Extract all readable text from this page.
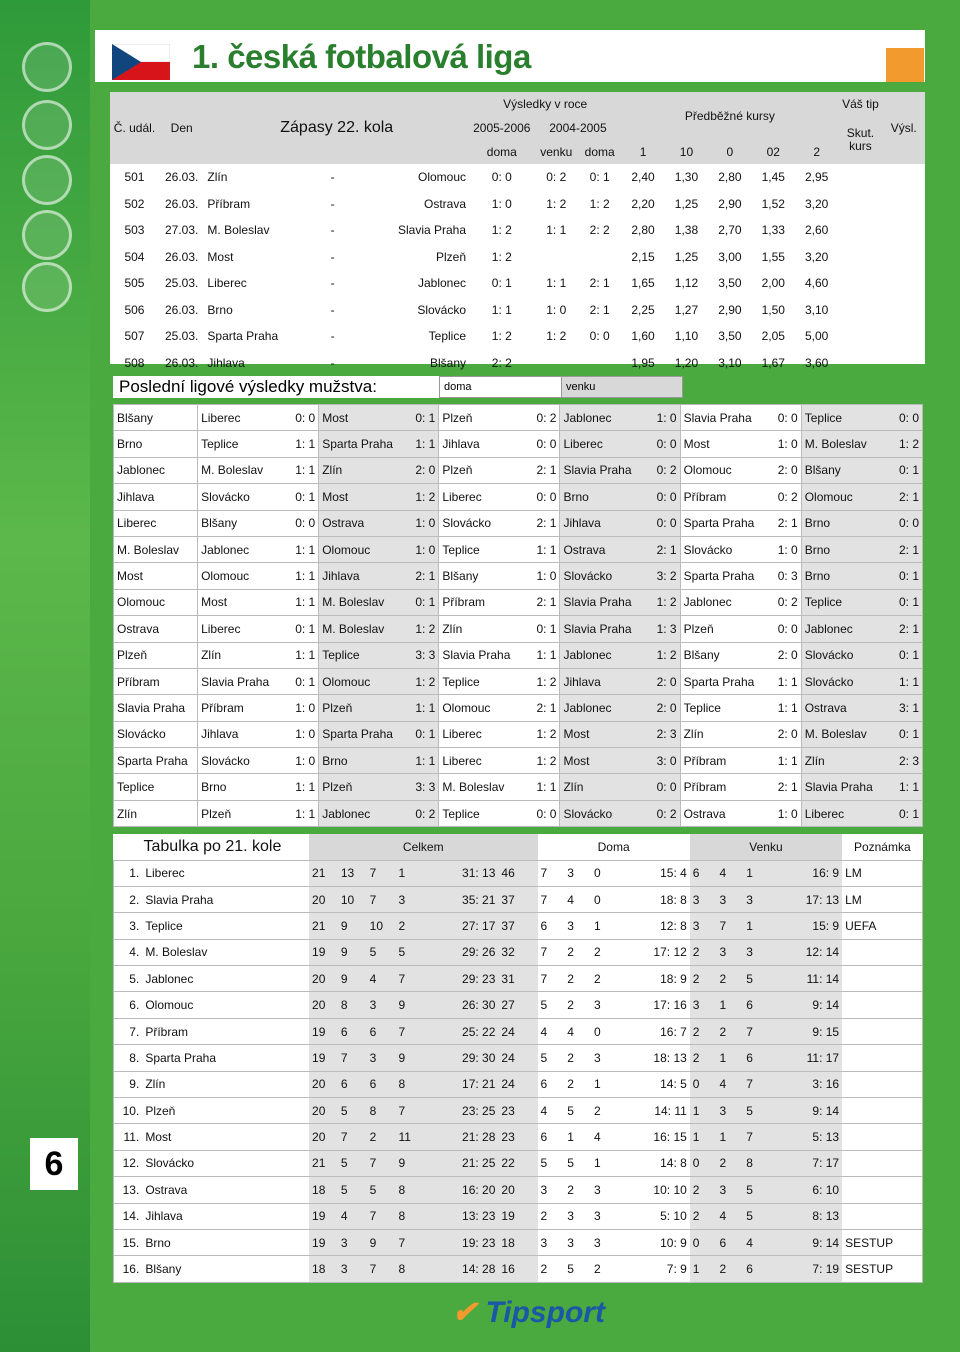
6
1. česká fotbalová liga
Č. udál.	Den	Zápasy 22. kola			Výsledky v roce			Předběžné kursy					Váš tip	Výsl.
					2005-2006	2004-2005							Skut. kurs	
					doma	venku	doma	1	10	0	02	2		
501	26.03.	Zlín	-	Olomouc	0: 0	0: 2	0: 1	2,40	1,30	2,80	1,45	2,95		
502	26.03.	Příbram	-	Ostrava	1: 0	1: 2	1: 2	2,20	1,25	2,90	1,52	3,20		
503	27.03.	M. Boleslav	-	Slavia Praha	1: 2	1: 1	2: 2	2,80	1,38	2,70	1,33	2,60		
504	26.03.	Most	-	Plzeň	1: 2			2,15	1,25	3,00	1,55	3,20		
505	25.03.	Liberec	-	Jablonec	0: 1	1: 1	2: 1	1,65	1,12	3,50	2,00	4,60		
506	26.03.	Brno	-	Slovácko	1: 1	1: 0	2: 1	2,25	1,27	2,90	1,50	3,10		
507	25.03.	Sparta Praha	-	Teplice	1: 2	1: 2	0: 0	1,60	1,10	3,50	2,05	5,00		
508	26.03.	Jihlava	-	Blšany	2: 2			1,95	1,20	3,10	1,67	3,60		
Poslední ligové výsledky mužstva:	doma	venku
Blšany	Liberec	0: 0	Most	0: 1	Plzeň	0: 2	Jablonec	1: 0	Slavia Praha	0: 0	Teplice	0: 0
Brno	Teplice	1: 1	Sparta Praha	1: 1	Jihlava	0: 0	Liberec	0: 0	Most	1: 0	M. Boleslav	1: 2
Jablonec	M. Boleslav	1: 1	Zlín	2: 0	Plzeň	2: 1	Slavia Praha	0: 2	Olomouc	2: 0	Blšany	0: 1
Jihlava	Slovácko	0: 1	Most	1: 2	Liberec	0: 0	Brno	0: 0	Příbram	0: 2	Olomouc	2: 1
Liberec	Blšany	0: 0	Ostrava	1: 0	Slovácko	2: 1	Jihlava	0: 0	Sparta Praha	2: 1	Brno	0: 0
M. Boleslav	Jablonec	1: 1	Olomouc	1: 0	Teplice	1: 1	Ostrava	2: 1	Slovácko	1: 0	Brno	2: 1
Most	Olomouc	1: 1	Jihlava	2: 1	Blšany	1: 0	Slovácko	3: 2	Sparta Praha	0: 3	Brno	0: 1
Olomouc	Most	1: 1	M. Boleslav	0: 1	Příbram	2: 1	Slavia Praha	1: 2	Jablonec	0: 2	Teplice	0: 1
Ostrava	Liberec	0: 1	M. Boleslav	1: 2	Zlín	0: 1	Slavia Praha	1: 3	Plzeň	0: 0	Jablonec	2: 1
Plzeň	Zlín	1: 1	Teplice	3: 3	Slavia Praha	1: 1	Jablonec	1: 2	Blšany	2: 0	Slovácko	0: 1
Příbram	Slavia Praha	0: 1	Olomouc	1: 2	Teplice	1: 2	Jihlava	2: 0	Sparta Praha	1: 1	Slovácko	1: 1
Slavia Praha	Příbram	1: 0	Plzeň	1: 1	Olomouc	2: 1	Jablonec	2: 0	Teplice	1: 1	Ostrava	3: 1
Slovácko	Jihlava	1: 0	Sparta Praha	0: 1	Liberec	1: 2	Most	2: 3	Zlín	2: 0	M. Boleslav	0: 1
Sparta Praha	Slovácko	1: 0	Brno	1: 1	Liberec	1: 2	Most	3: 0	Příbram	1: 1	Zlín	2: 3
Teplice	Brno	1: 1	Plzeň	3: 3	M. Boleslav	1: 1	Zlín	0: 0	Příbram	2: 1	Slavia Praha	1: 1
Zlín	Plzeň	1: 1	Jablonec	0: 2	Teplice	0: 0	Slovácko	0: 2	Ostrava	1: 0	Liberec	0: 1
Tabulka po 21. kole		Celkem						Doma				Venku				Poznámka
1.	Liberec	21	13	7	1	31: 13	46	7	3	0	15: 4	6	4	1	16: 9	LM
2.	Slavia Praha	20	10	7	3	35: 21	37	7	4	0	18: 8	3	3	3	17: 13	LM
3.	Teplice	21	9	10	2	27: 17	37	6	3	1	12: 8	3	7	1	15: 9	UEFA
4.	M. Boleslav	19	9	5	5	29: 26	32	7	2	2	17: 12	2	3	3	12: 14	
5.	Jablonec	20	9	4	7	29: 23	31	7	2	2	18: 9	2	2	5	11: 14	
6.	Olomouc	20	8	3	9	26: 30	27	5	2	3	17: 16	3	1	6	9: 14	
7.	Příbram	19	6	6	7	25: 22	24	4	4	0	16: 7	2	2	7	9: 15	
8.	Sparta Praha	19	7	3	9	29: 30	24	5	2	3	18: 13	2	1	6	11: 17	
9.	Zlín	20	6	6	8	17: 21	24	6	2	1	14: 5	0	4	7	3: 16	
10.	Plzeň	20	5	8	7	23: 25	23	4	5	2	14: 11	1	3	5	9: 14	
11.	Most	20	7	2	11	21: 28	23	6	1	4	16: 15	1	1	7	5: 13	
12.	Slovácko	21	5	7	9	21: 25	22	5	5	1	14: 8	0	2	8	7: 17	
13.	Ostrava	18	5	5	8	16: 20	20	3	2	3	10: 10	2	3	5	6: 10	
14.	Jihlava	19	4	7	8	13: 23	19	2	3	3	5: 10	2	4	5	8: 13	
15.	Brno	19	3	9	7	19: 23	18	3	3	3	10: 9	0	6	4	9: 14	SESTUP
16.	Blšany	18	3	7	8	14: 28	16	2	5	2	7: 9	1	2	6	7: 19	SESTUP
✔ Tipsport
